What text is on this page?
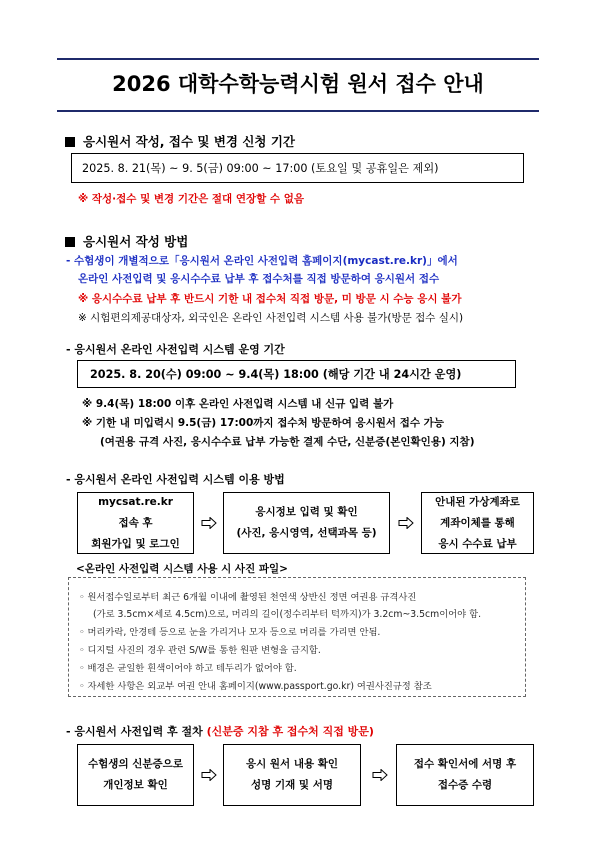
2026 대학수학능력시험 원서 접수 안내
응시원서 작성, 접수 및 변경 신청 기간
2025. 8. 21(목) ~ 9. 5(금) 09:00 ~ 17:00 (토요일 및 공휴일은 제외)
※ 작성·접수 및 변경 기간은 절대 연장할 수 없음
응시원서 작성 방법
- 수험생이 개별적으로「응시원서 온라인 사전입력 홈페이지(mycast.re.kr)」에서
온라인 사전입력 및 응시수수료 납부 후 접수처를 직접 방문하여 응시원서 접수
※ 응시수수료 납부 후 반드시 기한 내 접수처 직접 방문, 미 방문 시 수능 응시 불가
※ 시험편의제공대상자, 외국인은 온라인 사전입력 시스템 사용 불가(방문 접수 실시)
- 응시원서 온라인 사전입력 시스템 운영 기간
2025. 8. 20(수) 09:00 ~ 9.4(목) 18:00 (해당 기간 내 24시간 운영)
※ 9.4(목) 18:00 이후 온라인 사전입력 시스템 내 신규 입력 불가
※ 기한 내 미입력시 9.5(금) 17:00까지 접수처 방문하여 응시원서 접수 가능
(여권용 규격 사진, 응시수수료 납부 가능한 결제 수단, 신분증(본인확인용) 지참)
- 응시원서 온라인 사전입력 시스템 이용 방법
mycsat.re.kr
접속 후
회원가입 및 로그인
응시정보 입력 및 확인
(사진, 응시영역, 선택과목 등)
안내된 가상계좌로
계좌이체를 통해
응시 수수료 납부
<온라인 사전입력 시스템 사용 시 사진 파일>
◦ 원서접수일로부터 최근 6개월 이내에 촬영된 천연색 상반신 정면 여권용 규격사진
(가로 3.5cm×세로 4.5cm)으로, 머리의 길이(정수리부터 턱까지)가 3.2cm~3.5cm이어야 함.
◦ 머리카락, 안경테 등으로 눈을 가리거나 모자 등으로 머리를 가리면 안됨.
◦ 디지털 사진의 경우 관련 S/W를 통한 원판 변형을 금지함.
◦ 배경은 균일한 흰색이어야 하고 테두리가 없어야 함.
◦ 자세한 사항은 외교부 여권 안내 홈페이지(www.passport.go.kr) 여권사진규정 참조
- 응시원서 사전입력 후 절차 (신분증 지참 후 접수처 직접 방문)
수험생의 신분증으로
개인정보 확인
응시 원서 내용 확인
성명 기재 및 서명
접수 확인서에 서명 후
접수증 수령
